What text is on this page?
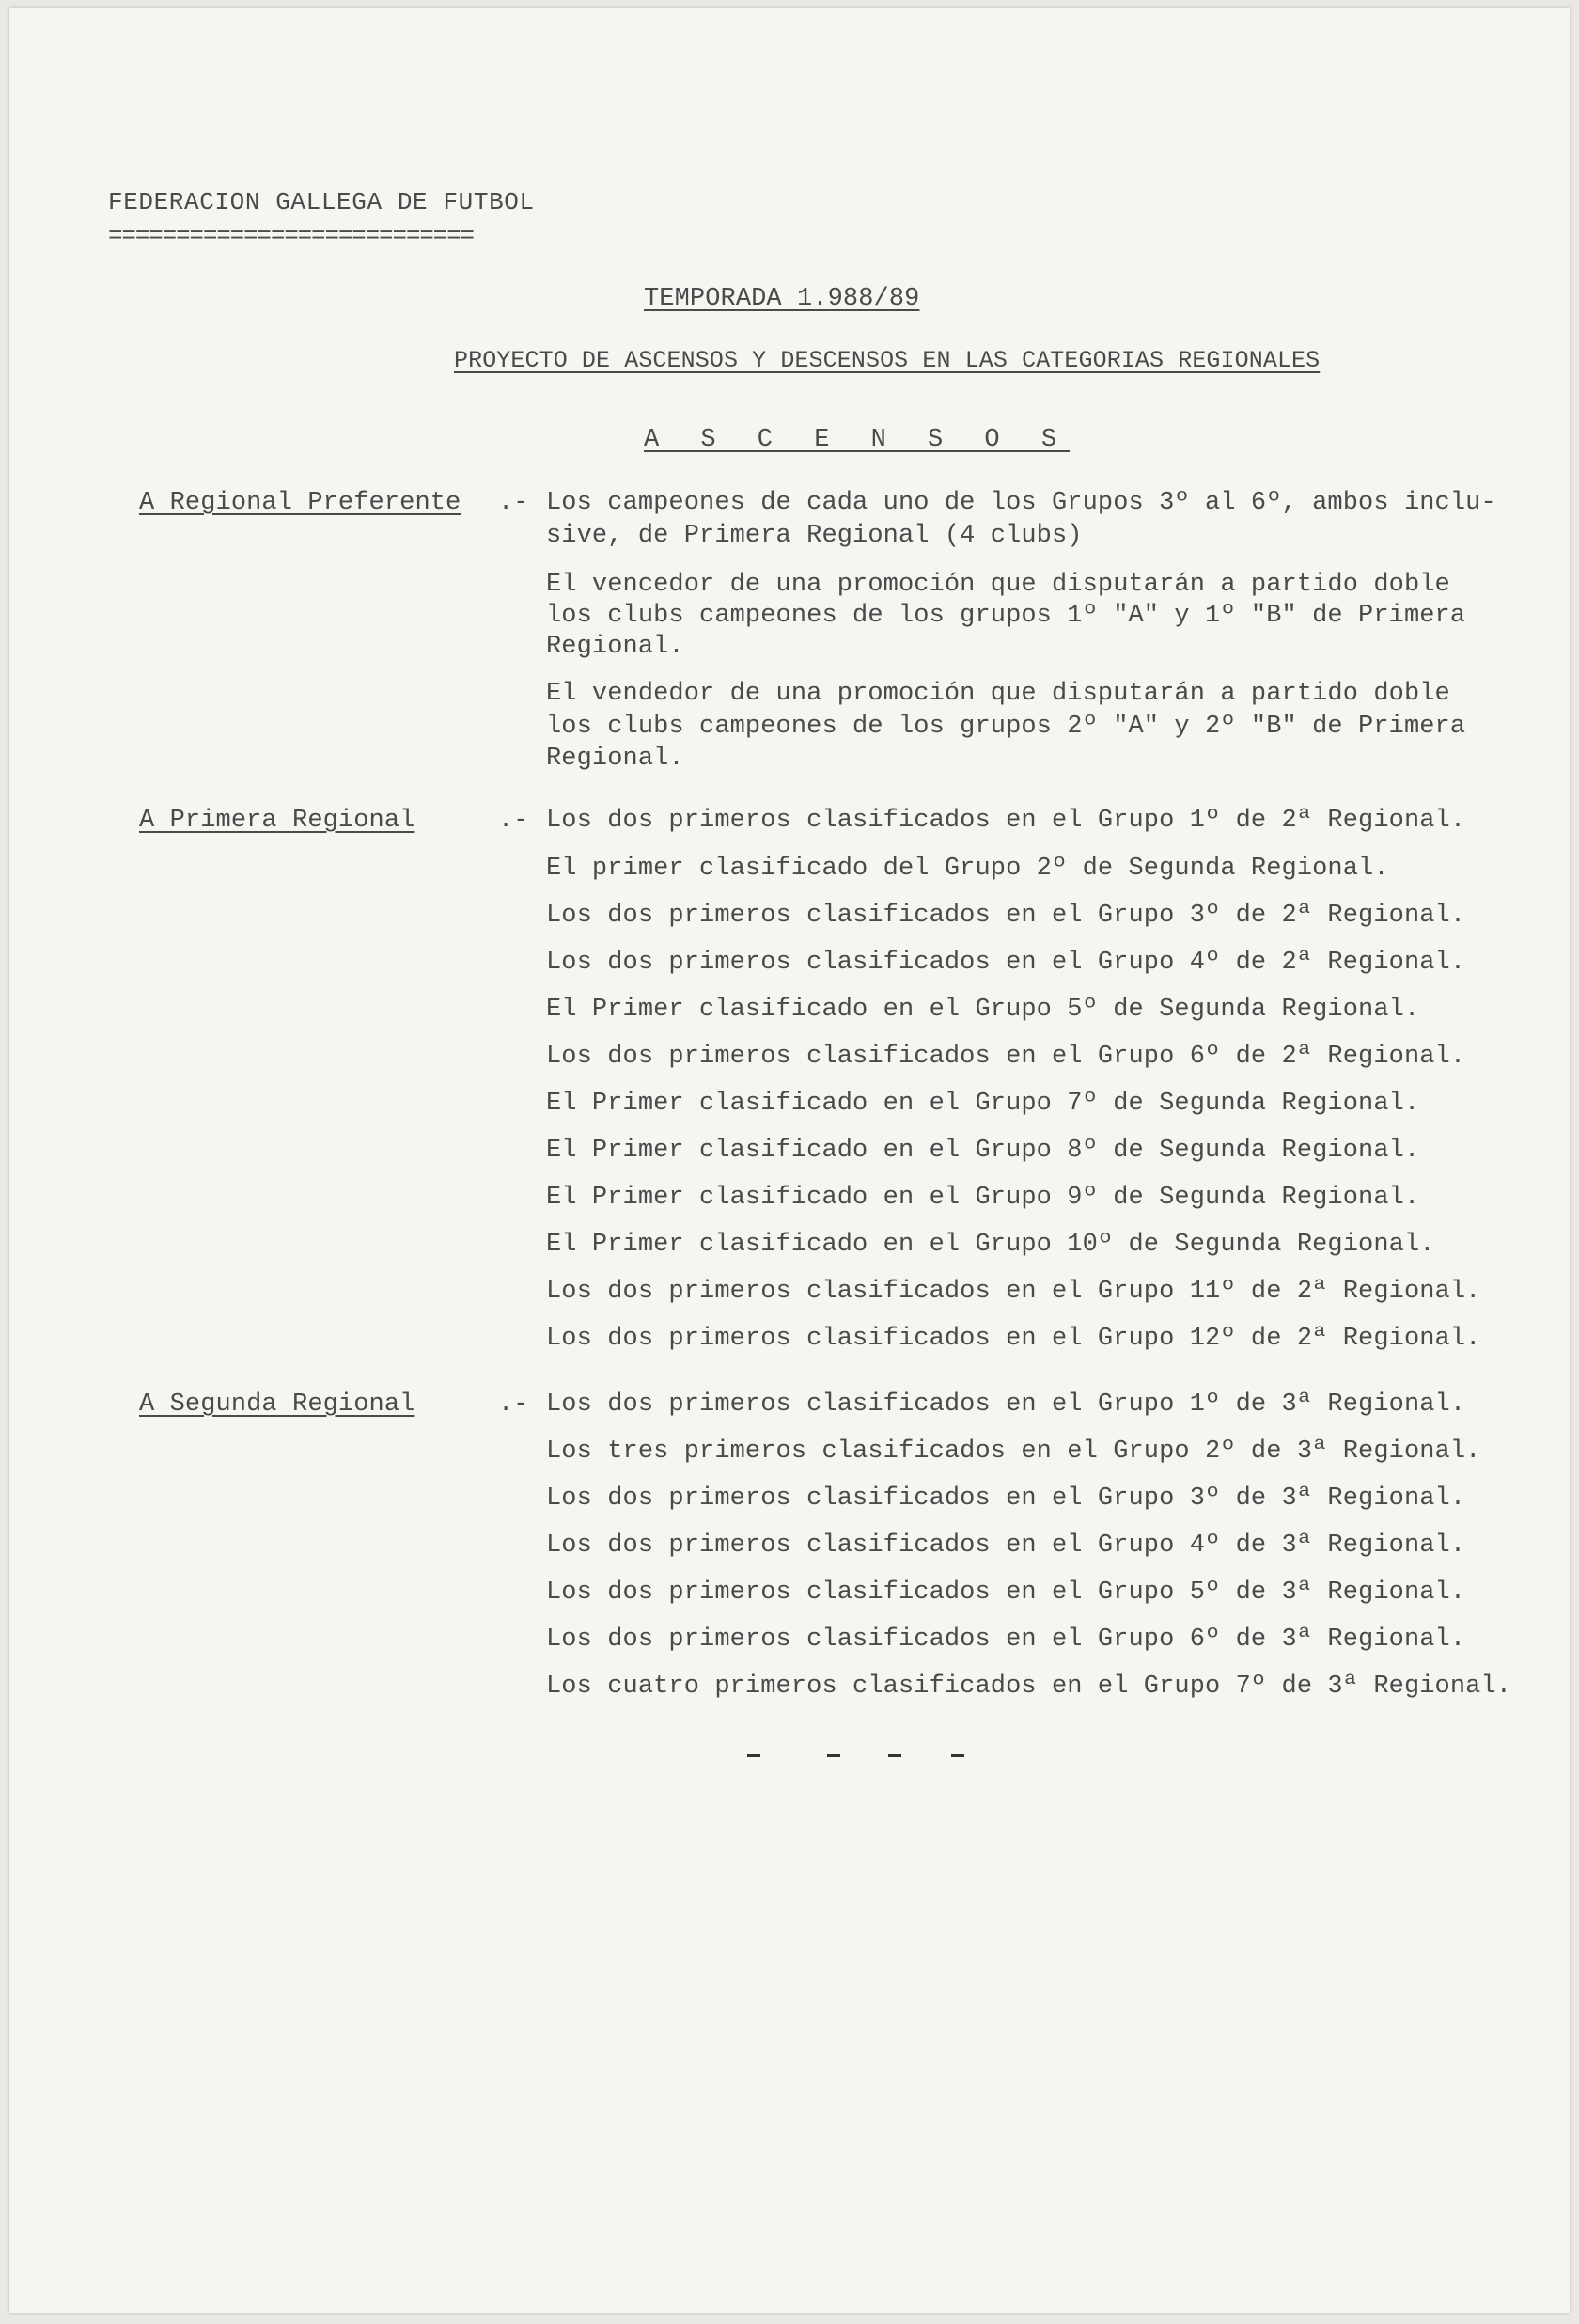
FEDERACION GALLEGA DE FUTBOL
===========================
TEMPORADA 1.988/89
PROYECTO DE ASCENSOS Y DESCENSOS EN LAS CATEGORIAS REGIONALES
A S C E N S O S
A Regional Preferente .- Los campeones de cada uno de los Grupos 3º al 6º, ambos inclu-
sive, de Primera Regional (4 clubs)
El vencedor de una promoción que disputarán a partido doble
los clubs campeones de los grupos 1º "A" y 1º "B" de Primera
Regional.
El vendedor de una promoción que disputarán a partido doble
los clubs campeones de los grupos 2º "A" y 2º "B" de Primera
Regional.
A Primera Regional	.- Los dos primeros clasificados en el Grupo 1º de 2ª Regional.
El primer clasificado del Grupo 2º de Segunda Regional.
Los dos primeros clasificados en el Grupo 3º de 2ª Regional.
Los dos primeros clasificados en el Grupo 4º de 2ª Regional.
El Primer clasificado en el Grupo 5º de Segunda Regional.
Los dos primeros clasificados en el Grupo 6º de 2ª Regional.
El Primer clasificado en el Grupo 7º de Segunda Regional.
El Primer clasificado en el Grupo 8º de Segunda Regional.
El Primer clasificado en el Grupo 9º de Segunda Regional.
El Primer clasificado en el Grupo 10º de Segunda Regional.
Los dos primeros clasificados en el Grupo 11º de 2ª Regional.
Los dos primeros clasificados en el Grupo 12º de 2ª Regional.
A Segunda Regional	.- Los dos primeros clasificados en el Grupo 1º de 3ª Regional.
Los tres primeros clasificados en el Grupo 2º de 3ª Regional.
Los dos primeros clasificados en el Grupo 3º de 3ª Regional.
Los dos primeros clasificados en el Grupo 4º de 3ª Regional.
Los dos primeros clasificados en el Grupo 5º de 3ª Regional.
Los dos primeros clasificados en el Grupo 6º de 3ª Regional.
Los cuatro primeros clasificados en el Grupo 7º de 3ª Regional.
